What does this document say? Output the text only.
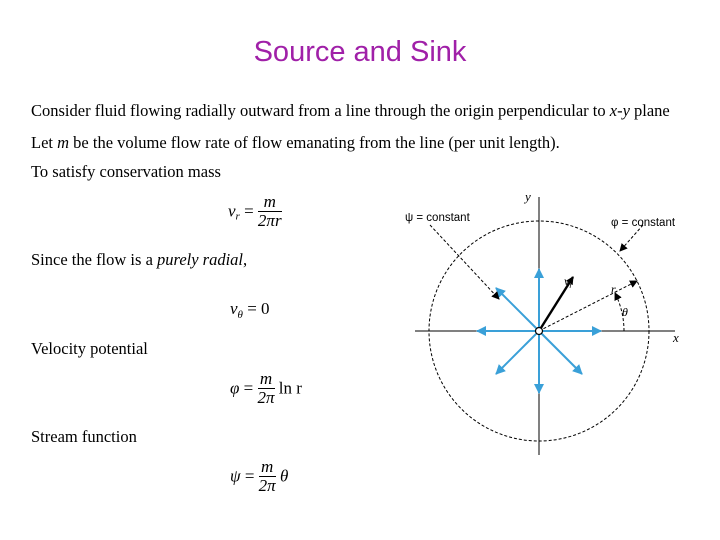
Source and Sink
Consider fluid flowing radially outward from a line through the origin perpendicular to x-y plane
Let m be the volume flow rate of flow emanating from the line (per unit length).
To satisfy conservation mass
$v_r = \frac{m}{2\pi r}$
Since the flow is a purely radial,
$v_\theta = 0$
Velocity potential
$\varphi = \frac{m}{2\pi}$ ln r
Stream function
$\psi = \frac{m}{2\pi}$ θ
y
x
θ
r
$v_r$
ψ = constant	φ = constant
